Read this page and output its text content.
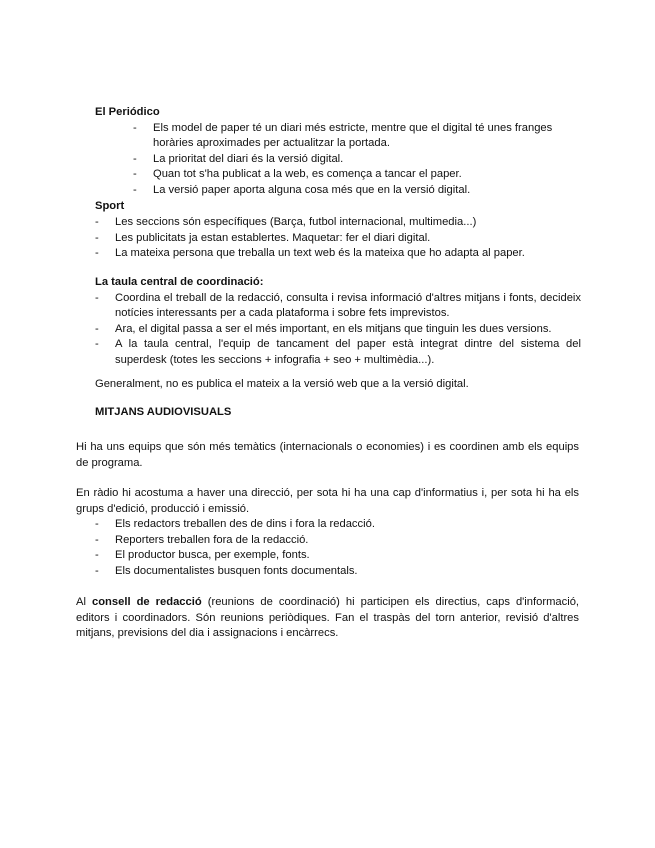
El Periódico
- Els model de paper té un diari més estricte, mentre que el digital té unes franges horàries aproximades per actualitzar la portada.
- La prioritat del diari és la versió digital.
- Quan tot s'ha publicat a la web, es comença a tancar el paper.
- La versió paper aporta alguna cosa més que en la versió digital.
Sport
- Les seccions són específiques (Barça, futbol internacional, multimedia...)
- Les publicitats ja estan establertes. Maquetar: fer el diari digital.
- La mateixa persona que treballa un text web és la mateixa que ho adapta al paper.
La taula central de coordinació:
- Coordina el treball de la redacció, consulta i revisa informació d'altres mitjans i fonts, decideix notícies interessants per a cada plataforma i sobre fets imprevistos.
- Ara, el digital passa a ser el més important, en els mitjans que tinguin les dues versions.
- A la taula central, l'equip de tancament del paper està integrat dintre del sistema del superdesk (totes les seccions + infografia + seo + multimèdia...).

Generalment, no es publica el mateix a la versió web que a la versió digital.

MITJANS AUDIOVISUALS

Hi ha uns equips que són més temàtics (internacionals o economies) i es coordinen amb els equips de programa.

En ràdio hi acostuma a haver una direcció, per sota hi ha una cap d'informatius i, per sota hi ha els grups d'edició, producció i emissió.

- Els redactors treballen des de dins i fora la redacció.
- Reporters treballen fora de la redacció.
- El productor busca, per exemple, fonts.
- Els documentalistes busquen fonts documentals.

Al consell de redacció (reunions de coordinació) hi participen els directius, caps d'informació, editors i coordinadors. Són reunions periòdiques. Fan el traspàs del torn anterior, revisió d'altres mitjans, previsions del dia i assignacions i encàrrecs.
